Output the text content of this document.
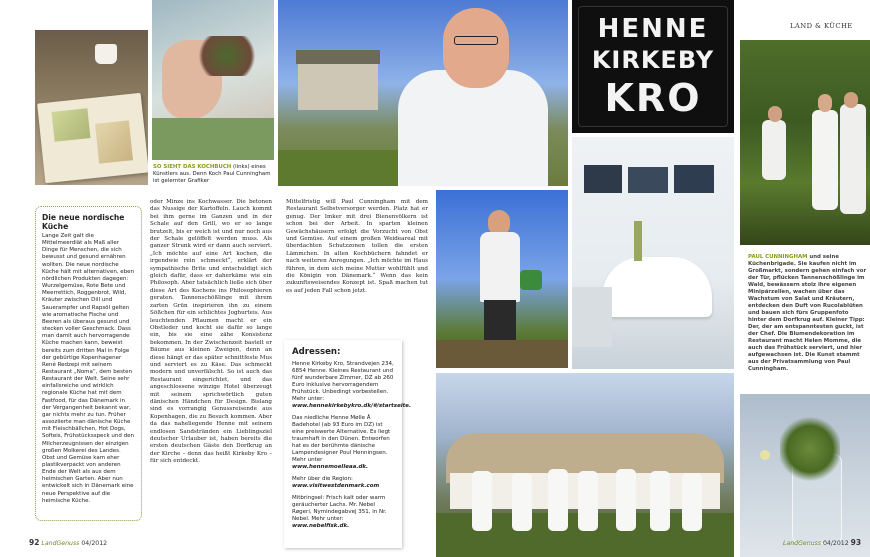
SO SIEHT DAS KOCHBUCH (links) eines Künstlers aus. Denn Koch Paul Cunningham ist gelernter Grafiker
Die neue nordische Küche

Lange Zeit galt die Mittelmeerdiät als Maß aller Dinge für Menschen, die sich bewusst und gesund ernähren wollten. Die neue nordische Küche hält mit alternativen, eben nördlichen Produkten dagegen: Wurzelgemüse, Rote Bete und Meerrettich, Roggenbrot, Wild, Kräuter zwischen Dill und Sauerampfer und Rapsöl gelten wie aromatische Fische und Beeren als überaus gesund und stecken voller Geschmack. Dass man damit auch hervorragende Küche machen kann, beweist bereits zum dritten Mal in Folge der gebürtige Kopenhagener René Redzepi mit seinem Restaurant „Noma“, dem besten Restaurant der Welt. Seine sehr einfallsreiche und wirklich regionale Küche hat mit dem Fastfood, für das Dänemark in der Vergangenheit bekannt war, gar nichts mehr zu tun. Früher assoziierte man dänische Küche mit Fleischbällchen, Hot Dogs, Softeis, Frühstücksspeck und den Milcherzeugnissen der einzigen großen Molkerei des Landes. Obst und Gemüse kam eher plastikverpackt von anderen Ende der Welt als aus dem heimischen Garten. Aber nun entwickelt sich in Dänemark eine neue Perspektive auf die heimische Küche.

oder Minze ins Kochwasser. Die betonen das Nussige der Kartoffeln. Lauch kommt bei ihm gerne im Ganzen und in der Schale auf den Grill, wo er so lange brutzelt, bis er weich ist und nur noch aus der Schale gelöffelt werden muss. Als ganzer Strunk wird er dann auch serviert. „Ich möchte auf eine Art kochen, die irgendwie rein schmeckt“, erklärt der sympathische Brite und entschuldigt sich gleich dafür, dass er daherkäme wie ein Philosoph. Aber tatsächlich ließe sich über diese Art des Kochens ins Philosophieren geraten. Tannenschößlinge mit ihrem zarten Grün inspirieren ihn zu einem Sößchen für ein schlichtes Joghurteis. Aus leuchtenden Pflaumen macht er ein Obstleder und kocht sie dafür so lange ein, bis sie eine zähe Konsistenz bekommen. In der Zwischenzeit bastelt er Bäume aus kleinen Zweigen, denn an diese hängt er das später schnittfeste Mus und serviert es zu Käse. Das schmeckt modern und unverfälscht. So ist auch das Restaurant eingerichtet, und das angeschlossene winzige Hotel überzeugt mit seinem sprichwörtlich guten dänischen Händchen für Design. Bislang sind es vorrangig Genussreisende aus Kopenhagen, die zu Besuch kommen. Aber da das naheliegende Henne mit seinem endlosen Sandstränden ein Lieblingsziel deutscher Urlauber ist, haben bereits die ersten deutschen Gäste den Dorfkrug an der Kirche – denn das heißt Kirkeby Kro – für sich entdeckt.

92 LandGenuss 04/2012

Mittelfristig will Paul Cunningham mit dem Restaurant Selbstversorger werden. Platz hat er genug. Der Imker mit drei Bienenvölkern ist schon bei der Arbeit. In sparten kleinen Gewächshäusern erfolgt die Vorzucht von Obst und Gemüse. Auf einem großen Weideareal mit überdachten Schutzzonen tollen die ersten Lämmchen. In alten Kochbüchern fahndet er nach weiteren Anregungen. „Ich möchte im Haus führen, in dem sich meine Mutter wohlfühlt und die Königin von Dänemark.“ Wenn das kein zukunftsweisendes Konzept ist. Spaß machen tut es auf jeden Fall schon jetzt.

Adressen:

Henne Kirkeby Kro, Strandvejen 234, 6854 Henne. Kleines Restaurant und fünf wunderbare Zimmer, DZ ab 260 Euro inklusive hervorragendem Frühstück. Unbedingt vorbestellen. Mehr unter: www.hennekirkebykro.dk/#/startseite.

Das niedliche Henne Mølle Å Badehotel (ab 93 Euro im DZ) ist eine preiswerte Alternative. Es liegt traumhaft in den Dünen. Entworfen hat es der berühmte dänische Lampendesigner Poul Henningsen. Mehr unter www.hennemoelleaa.dk.

Mehr über die Region: www.visitwestdenmark.com

Mitbringsel: Frisch kalt oder warm geräucherter Lachs. Mr. Nebel Røgeri, Nymindegabvej 351, in Nr. Nebel. Mehr unter: www.nebelfisk.dk.

HENNE
KIRKEBY
KRO
LAND & KÜCHE
PAUL CUNNINGHAM und seine Küchenbrigade. Sie kaufen nicht im Großmarkt, sondern gehen einfach vor der Tür, pflücken Tannenschößlinge im Wald, bewässern stolz ihre eigenen Minipärzellen, wachen über das Wachstum von Salat und Kräutern, entdecken den Duft von Rucolablüten und bauen sich fürs Gruppenfoto hinter dem Dorfkrug auf. Kleiner Tipp: Der, der am entspanntesten guckt, ist der Chef. Die Blumendekoration im Restaurant macht Helen Momme, die auch das Frühstück serviert, und hier aufgewachsen ist. Die Kunst stammt aus der Privatsammlung von Paul Cunningham.
LandGenuss 04/2012 93
